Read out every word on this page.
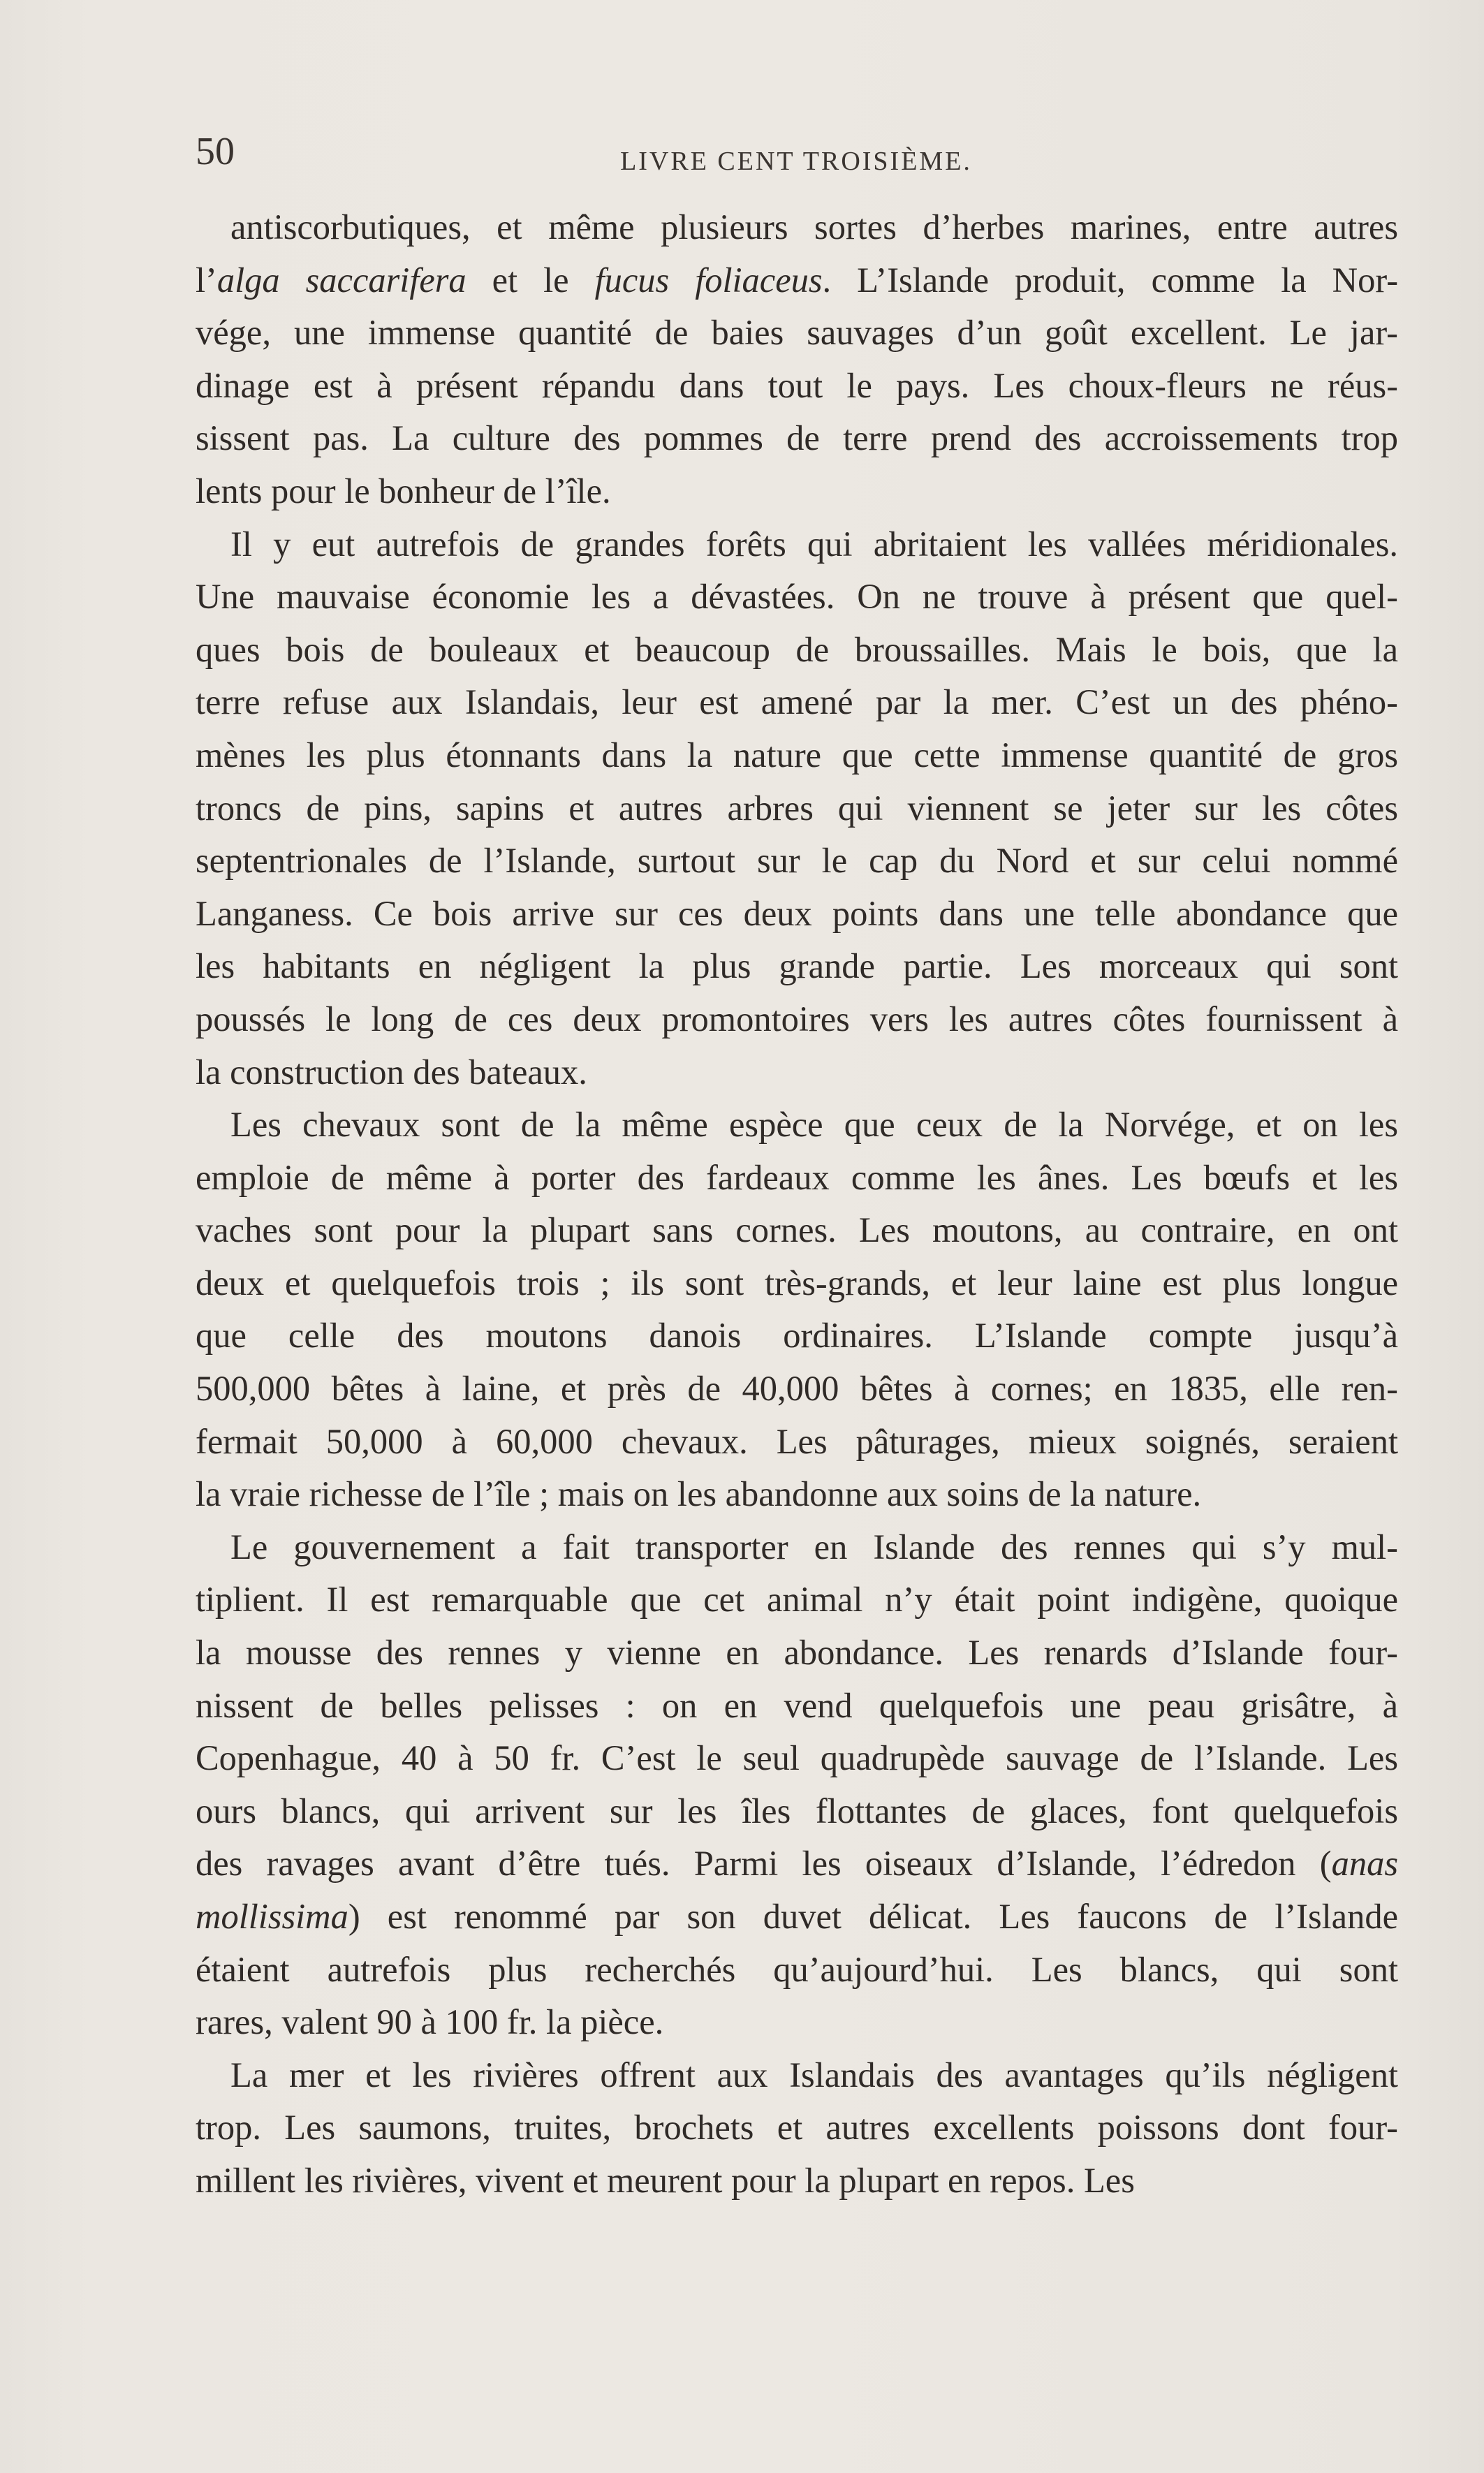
50	LIVRE CENT TROISIÈME.
antiscorbutiques, et même plusieurs sortes d’herbes marines, entre autres
l’alga saccarifera et le fucus foliaceus. L’Islande produit, comme la Nor-
vége, une immense quantité de baies sauvages d’un goût excellent. Le jar-
dinage est à présent répandu dans tout le pays. Les choux-fleurs ne réus-
sissent pas. La culture des pommes de terre prend des accroissements trop
lents pour le bonheur de l’île.
Il y eut autrefois de grandes forêts qui abritaient les vallées méridionales.
Une mauvaise économie les a dévastées. On ne trouve à présent que quel-
ques bois de bouleaux et beaucoup de broussailles. Mais le bois, que la
terre refuse aux Islandais, leur est amené par la mer. C’est un des phéno-
mènes les plus étonnants dans la nature que cette immense quantité de gros
troncs de pins, sapins et autres arbres qui viennent se jeter sur les côtes
septentrionales de l’Islande, surtout sur le cap du Nord et sur celui nommé
Langaness. Ce bois arrive sur ces deux points dans une telle abondance que
les habitants en négligent la plus grande partie. Les morceaux qui sont
poussés le long de ces deux promontoires vers les autres côtes fournissent à
la construction des bateaux.
Les chevaux sont de la même espèce que ceux de la Norvége, et on les
emploie de même à porter des fardeaux comme les ânes. Les bœufs et les
vaches sont pour la plupart sans cornes. Les moutons, au contraire, en ont
deux et quelquefois trois ; ils sont très-grands, et leur laine est plus longue
que celle des moutons danois ordinaires. L’Islande compte jusqu’à
500,000 bêtes à laine, et près de 40,000 bêtes à cornes; en 1835, elle ren-
fermait 50,000 à 60,000 chevaux. Les pâturages, mieux soignés, seraient
la vraie richesse de l’île ; mais on les abandonne aux soins de la nature.
Le gouvernement a fait transporter en Islande des rennes qui s’y mul-
tiplient. Il est remarquable que cet animal n’y était point indigène, quoique
la mousse des rennes y vienne en abondance. Les renards d’Islande four-
nissent de belles pelisses : on en vend quelquefois une peau grisâtre, à
Copenhague, 40 à 50 fr. C’est le seul quadrupède sauvage de l’Islande. Les
ours blancs, qui arrivent sur les îles flottantes de glaces, font quelquefois
des ravages avant d’être tués. Parmi les oiseaux d’Islande, l’édredon (anas
mollissima) est renommé par son duvet délicat. Les faucons de l’Islande
étaient autrefois plus recherchés qu’aujourd’hui. Les blancs, qui sont
rares, valent 90 à 100 fr. la pièce.
La mer et les rivières offrent aux Islandais des avantages qu’ils négligent
trop. Les saumons, truites, brochets et autres excellents poissons dont four-
millent les rivières, vivent et meurent pour la plupart en repos. Les
